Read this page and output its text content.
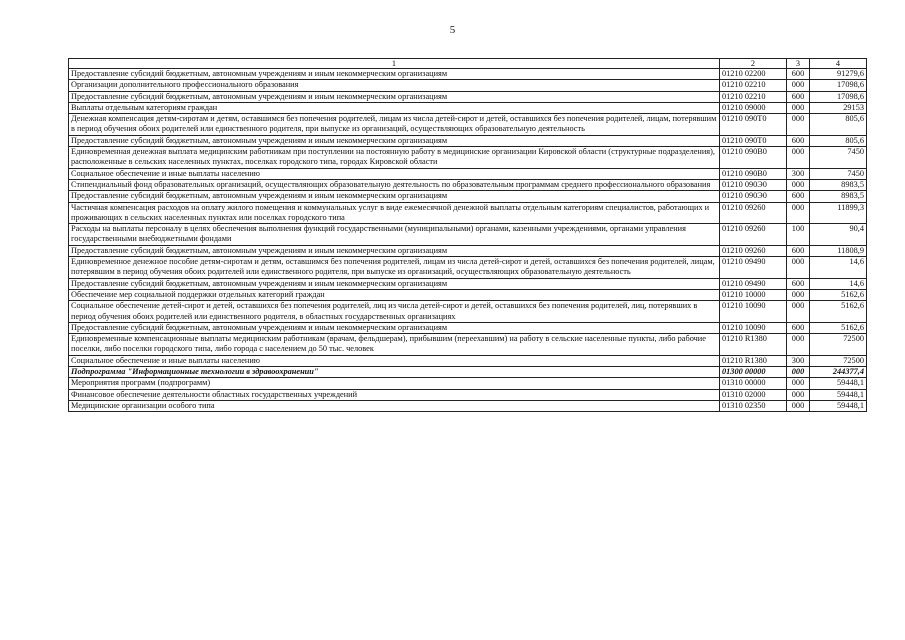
5
1	2	3	4
Предоставление субсидий бюджетным, автономным учреждениям и иным некоммерческим организациям	01210 02200	600	91279,6
Организации дополнительного профессионального образования	01210 02210	000	17098,6
Предоставление субсидий бюджетным, автономным учреждениям и иным некоммерческим организациям	01210 02210	600	17098,6
Выплаты отдельным категориям граждан	01210 09000	000	29153
Денежная компенсация детям-сиротам и детям, оставшимся без попечения родителей, лицам из числа детей-сирот и детей, оставшихся без попечения родителей, лицам, потерявшим в период обучения обоих родителей или единственного родителя, при выпуске из организаций, осуществляющих образовательную деятельность	01210 090Т0	000	805,6
Предоставление субсидий бюджетным, автономным учреждениям и иным некоммерческим организациям	01210 090Т0	600	805,6
Единовременная денежная выплата медицинским работникам при поступлении на постоянную работу в медицинские организации Кировской области (структурные подразделения), расположенные в сельских населенных пунктах, поселках городского типа, городах Кировской области	01210 090В0	000	7450
Социальное обеспечение и иные выплаты населению	01210 090В0	300	7450
Стипендиальный фонд образовательных организаций, осуществляющих образовательную деятельность по образовательным программам среднего профессионального образования	01210 090Э0	000	8983,5
Предоставление субсидий бюджетным, автономным учреждениям и иным некоммерческим организациям	01210 090Э0	600	8983,5
Частичная компенсация расходов на оплату жилого помещения и коммунальных услуг в виде ежемесячной денежной выплаты отдельным категориям специалистов, работающих и проживающих в сельских населенных пунктах или поселках городского типа	01210 09260	000	11899,3
Расходы на выплаты персоналу в целях обеспечения выполнения функций государственными (муниципальными) органами, казенными учреждениями, органами управления государственными внебюджетными фондами	01210 09260	100	90,4
Предоставление субсидий бюджетным, автономным учреждениям и иным некоммерческим организациям	01210 09260	600	11808,9
Единовременное денежное пособие детям-сиротам и детям, оставшимся без попечения родителей, лицам из числа детей-сирот и детей, оставшихся без попечения родителей, лицам, потерявшим в период обучения обоих родителей или единственного родителя, при выпуске из организаций, осуществляющих образовательную деятельность	01210 09490	000	14,6
Предоставление субсидий бюджетным, автономным учреждениям и иным некоммерческим организациям	01210 09490	600	14,6
Обеспечение мер социальной поддержки отдельных категорий граждан	01210 10000	000	5162,6
Социальное обеспечение детей-сирот и детей, оставшихся без попечения родителей, лиц из числа детей-сирот и детей, оставшихся без попечения родителей, лиц, потерявших в период обучения обоих родителей или единственного родителя, в областных государственных организациях	01210 10090	000	5162,6
Предоставление субсидий бюджетным, автономным учреждениям и иным некоммерческим организациям	01210 10090	600	5162,6
Единовременные компенсационные выплаты медицинским работникам (врачам, фельдшерам), прибывшим (переехавшим) на работу в сельские населенные пункты, либо рабочие поселки, либо поселки городского типа, либо города с населением до 50 тыс. человек	01210 R1380	000	72500
Социальное обеспечение и иные выплаты населению	01210 R1380	300	72500
Подпрограмма "Информационные технологии в здравоохранении"	01300 00000	000	244377,4
Мероприятия программ (подпрограмм)	01310 00000	000	59448,1
Финансовое обеспечение деятельности областных государственных учреждений	01310 02000	000	59448,1
Медицинские организации особого типа	01310 02350	000	59448,1
